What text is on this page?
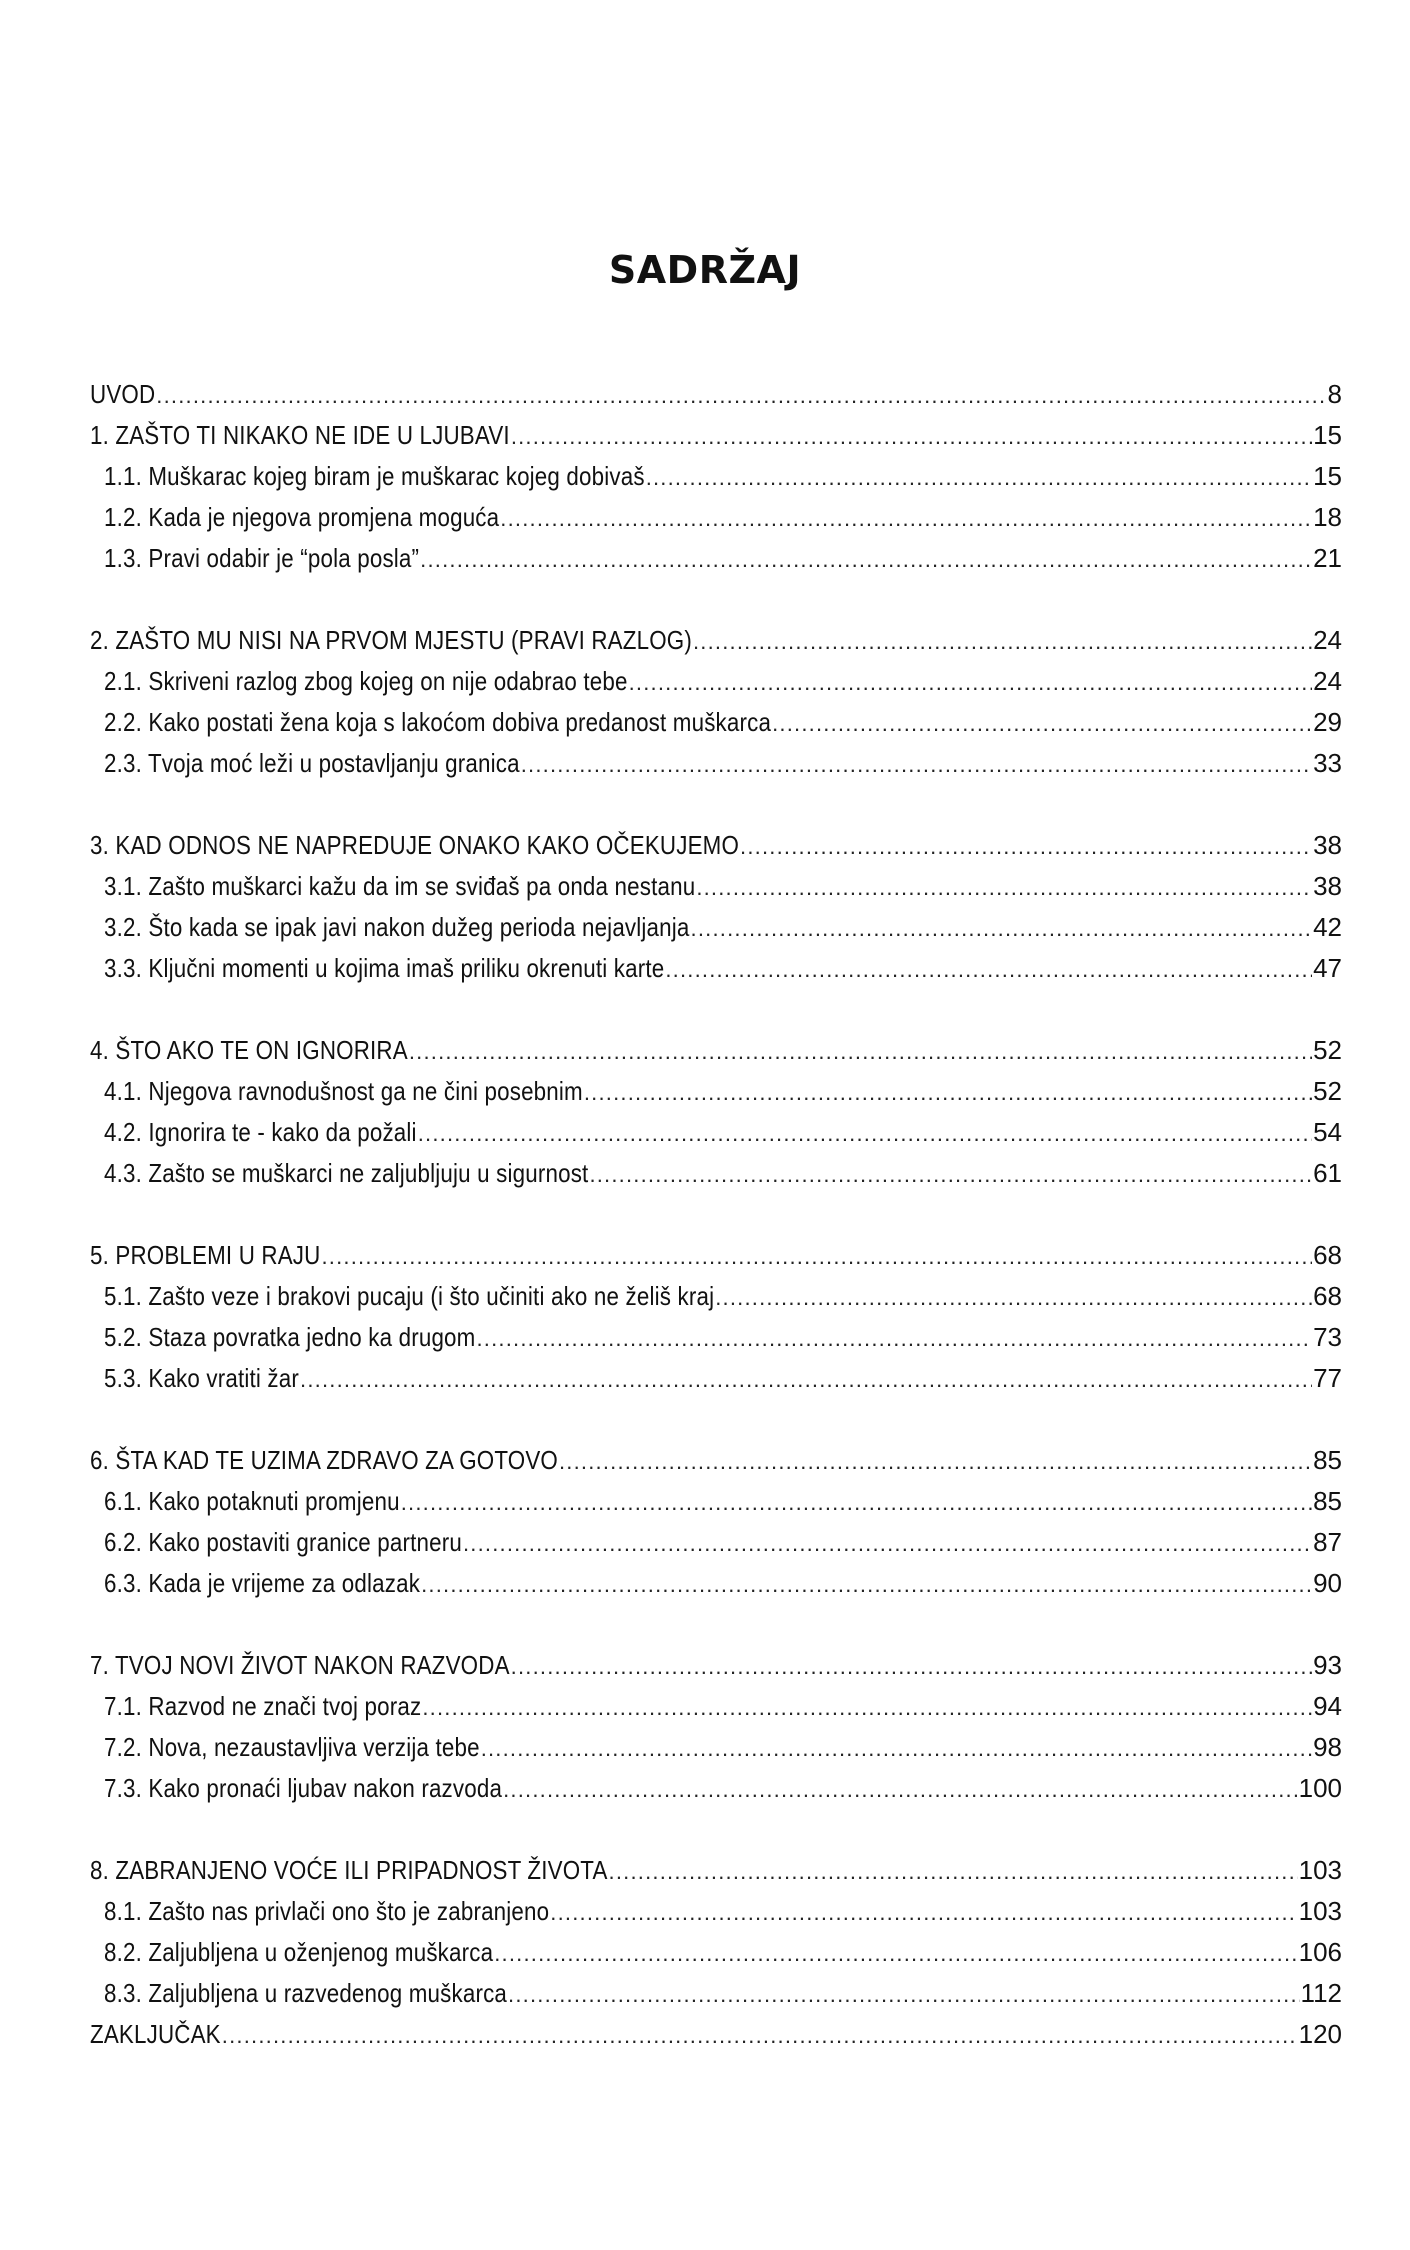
SADRŽAJ
UVOD .....	8
1. ZAŠTO TI NIKAKO NE IDE U LJUBAVI .....	15
1.1. Muškarac kojeg biram je muškarac kojeg dobivaš .....	15
1.2. Kada je njegova promjena moguća .....	18
1.3. Pravi odabir je “pola posla” .....	21
2. ZAŠTO MU NISI NA PRVOM MJESTU (PRAVI RAZLOG) .....	24
2.1. Skriveni razlog zbog kojeg on nije odabrao tebe .....	24
2.2. Kako postati žena koja s lakoćom dobiva predanost muškarca .....	29
2.3. Tvoja moć leži u postavljanju granica .....	33
3. KAD ODNOS NE NAPREDUJE ONAKO KAKO OČEKUJEMO .....	38
3.1. Zašto muškarci kažu da im se sviđaš pa onda nestanu .....	38
3.2. Što kada se ipak javi nakon dužeg perioda nejavljanja .....	42
3.3. Ključni momenti u kojima imaš priliku okrenuti karte .....	47
4. ŠTO AKO TE ON IGNORIRA .....	52
4.1. Njegova ravnodušnost ga ne čini posebnim .....	52
4.2. Ignorira te - kako da požali .....	54
4.3. Zašto se muškarci ne zaljubljuju u sigurnost .....	61
5. PROBLEMI U RAJU .....	68
5.1. Zašto veze i brakovi pucaju (i što učiniti ako ne želiš kraj .....	68
5.2. Staza povratka jedno ka drugom .....	73
5.3. Kako vratiti žar .....	77
6. ŠTA KAD TE UZIMA ZDRAVO ZA GOTOVO .....	85
6.1. Kako potaknuti promjenu .....	85
6.2. Kako postaviti granice partneru .....	87
6.3. Kada je vrijeme za odlazak .....	90
7. TVOJ NOVI ŽIVOT NAKON RAZVODA .....	93
7.1. Razvod ne znači tvoj poraz .....	94
7.2. Nova, nezaustavljiva verzija tebe .....	98
7.3. Kako pronaći ljubav nakon razvoda .....	100
8. ZABRANJENO VOĆE ILI PRIPADNOST ŽIVOTA .....	103
8.1. Zašto nas privlači ono što je zabranjeno .....	103
8.2. Zaljubljena u oženjenog muškarca .....	106
8.3. Zaljubljena u razvedenog muškarca .....	112
ZAKLJUČAK .....	120
